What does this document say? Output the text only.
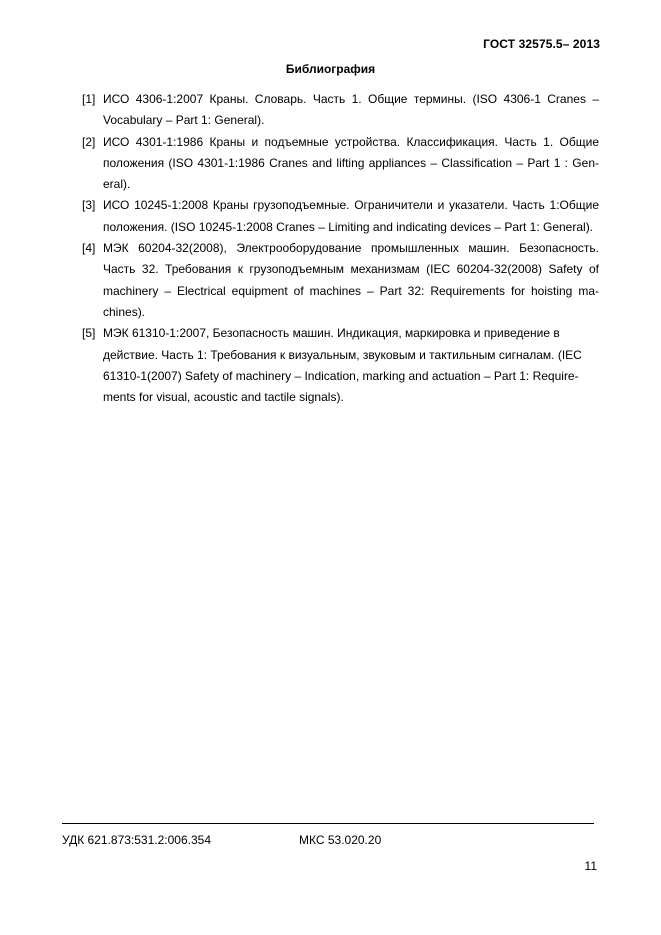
ГОСТ 32575.5– 2013
Библиография
[1] ИСО 4306-1:2007 Краны. Словарь. Часть 1. Общие термины. (ISO 4306-1 Cranes – Vocabulary – Part 1: General).
[2] ИСО 4301-1:1986 Краны и подъемные устройства. Классификация. Часть 1. Общие положения (ISO 4301-1:1986 Cranes and lifting appliances – Classification – Part 1 : General).
[3] ИСО 10245-1:2008 Краны грузоподъемные. Ограничители и указатели. Часть 1:Общие положения. (ISO 10245-1:2008 Cranes – Limiting and indicating devices – Part 1: General).
[4] МЭК 60204-32(2008), Электрооборудование промышленных машин. Безопасность. Часть 32. Требования к грузоподъемным механизмам (IEC 60204-32(2008) Safety of machinery – Electrical equipment of machines – Part 32: Requirements for hoisting machines).
[5] МЭК 61310-1:2007, Безопасность машин. Индикация, маркировка и приведение в действие. Часть 1: Требования к визуальным, звуковым и тактильным сигналам. (IEC 61310-1(2007) Safety of machinery – Indication, marking and actuation – Part 1: Requirements for visual, acoustic and tactile signals).
УДК 621.873:531.2:006.354	МКС 53.020.20
11
